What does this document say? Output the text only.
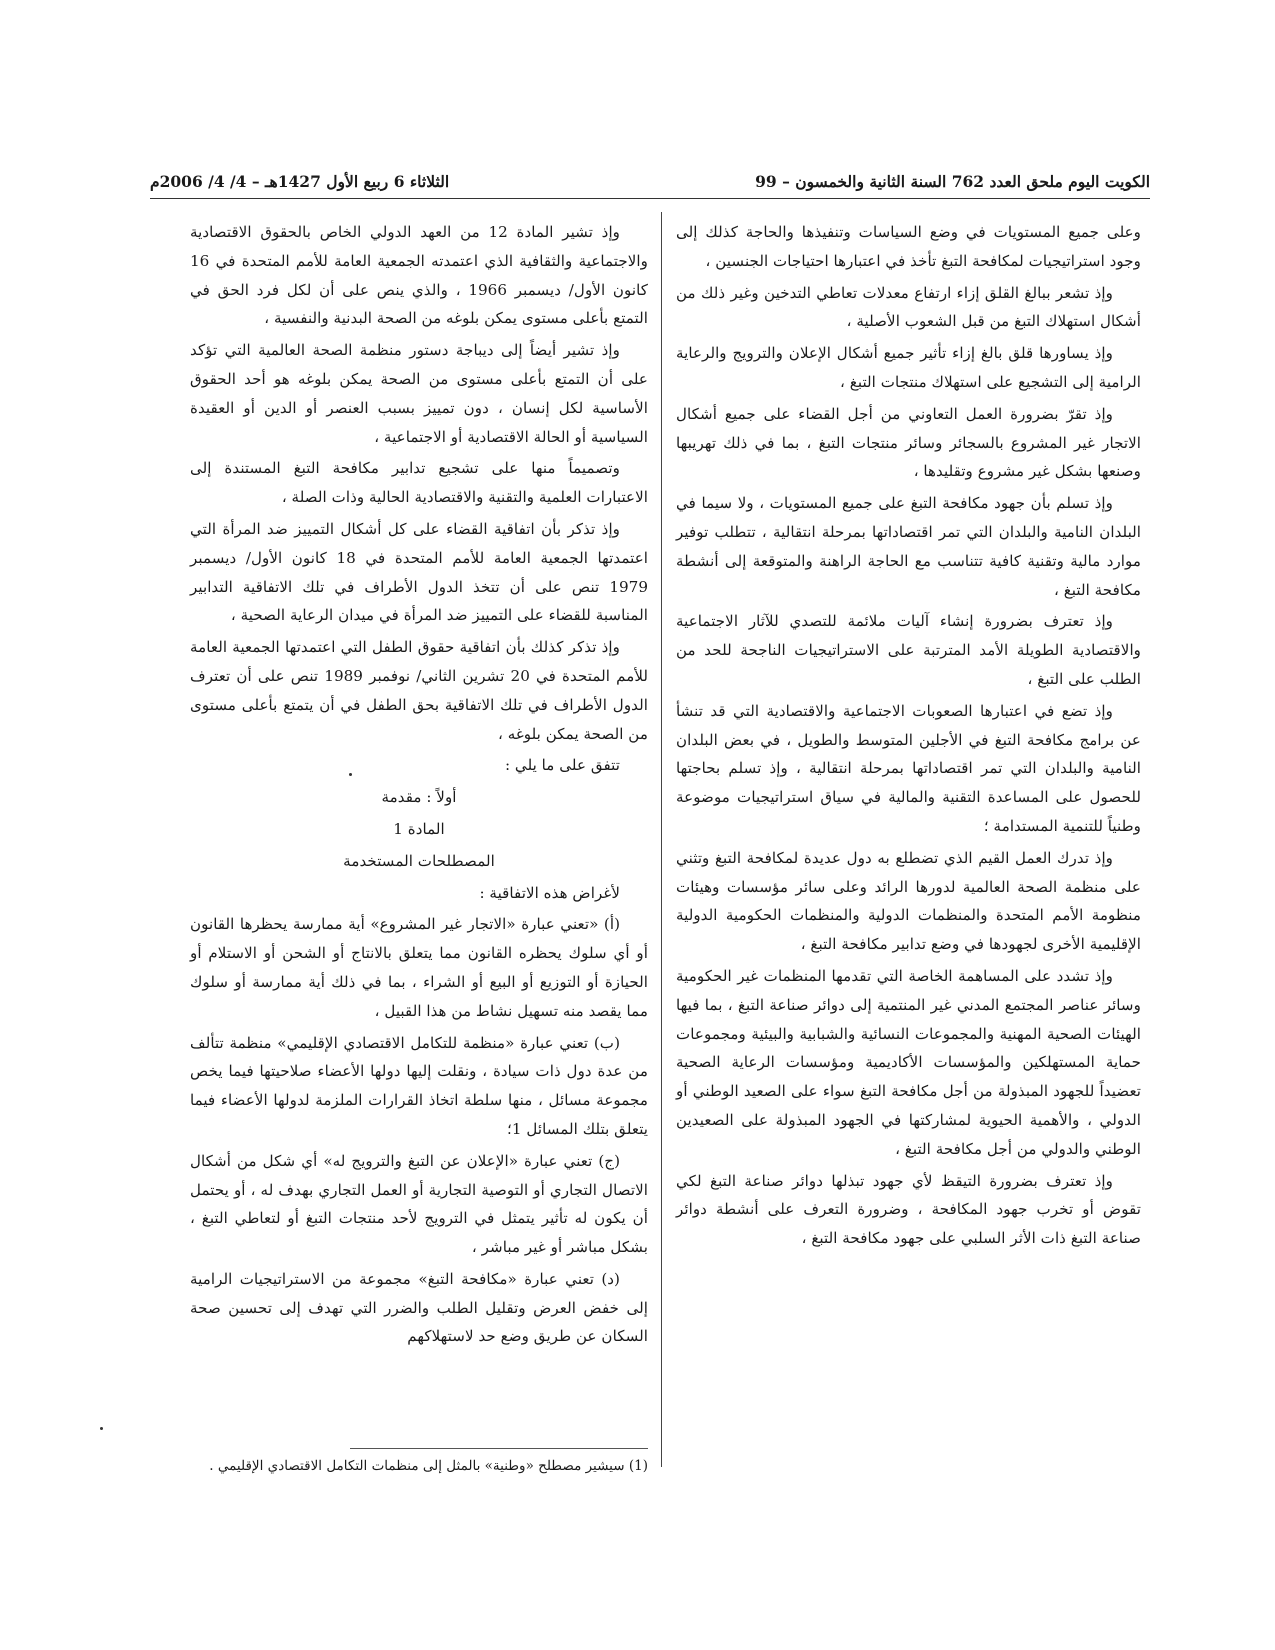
الكويت اليوم ملحق العدد 762 السنة الثانية والخمسون – 99
الثلاثاء 6 ربيع الأول 1427هـ – 4/ 4/ 2006م

وعلى جميع المستويات في وضع السياسات وتنفيذها والحاجة كذلك إلى وجود استراتيجيات لمكافحة التبغ تأخذ في اعتبارها احتياجات الجنسين ،

وإذ تشعر ببالغ القلق إزاء ارتفاع معدلات تعاطي التدخين وغير ذلك من أشكال استهلاك التبغ من قبل الشعوب الأصلية ،

وإذ يساورها قلق بالغ إزاء تأثير جميع أشكال الإعلان والترويج والرعاية الرامية إلى التشجيع على استهلاك منتجات التبغ ،

وإذ تقرّ بضرورة العمل التعاوني من أجل القضاء على جميع أشكال الاتجار غير المشروع بالسجائر وسائر منتجات التبغ ، بما في ذلك تهريبها وصنعها بشكل غير مشروع وتقليدها ،

وإذ تسلم بأن جهود مكافحة التبغ على جميع المستويات ، ولا سيما في البلدان النامية والبلدان التي تمر اقتصاداتها بمرحلة انتقالية ، تتطلب توفير موارد مالية وتقنية كافية تتناسب مع الحاجة الراهنة والمتوقعة إلى أنشطة مكافحة التبغ ،

وإذ تعترف بضرورة إنشاء آليات ملائمة للتصدي للآثار الاجتماعية والاقتصادية الطويلة الأمد المترتبة على الاستراتيجيات الناجحة للحد من الطلب على التبغ ،

وإذ تضع في اعتبارها الصعوبات الاجتماعية والاقتصادية التي قد تنشأ عن برامج مكافحة التبغ في الأجلين المتوسط والطويل ، في بعض البلدان النامية والبلدان التي تمر اقتصاداتها بمرحلة انتقالية ، وإذ تسلم بحاجتها للحصول على المساعدة التقنية والمالية في سياق استراتيجيات موضوعة وطنياً للتنمية المستدامة ؛

وإذ تدرك العمل القيم الذي تضطلع به دول عديدة لمكافحة التبغ وتثني على منظمة الصحة العالمية لدورها الرائد وعلى سائر مؤسسات وهيئات منظومة الأمم المتحدة والمنظمات الدولية والمنظمات الحكومية الدولية الإقليمية الأخرى لجهودها في وضع تدابير مكافحة التبغ ،

وإذ تشدد على المساهمة الخاصة التي تقدمها المنظمات غير الحكومية وسائر عناصر المجتمع المدني غير المنتمية إلى دوائر صناعة التبغ ، بما فيها الهيئات الصحية المهنية والمجموعات النسائية والشبابية والبيئية ومجموعات حماية المستهلكين والمؤسسات الأكاديمية ومؤسسات الرعاية الصحية تعضيداً للجهود المبذولة من أجل مكافحة التبغ سواء على الصعيد الوطني أو الدولي ، والأهمية الحيوية لمشاركتها في الجهود المبذولة على الصعيدين الوطني والدولي من أجل مكافحة التبغ ،

وإذ تعترف بضرورة التيقظ لأي جهود تبذلها دوائر صناعة التبغ لكي تقوض أو تخرب جهود المكافحة ، وضرورة التعرف على أنشطة دوائر صناعة التبغ ذات الأثر السلبي على جهود مكافحة التبغ ،

وإذ تشير المادة 12 من العهد الدولي الخاص بالحقوق الاقتصادية والاجتماعية والثقافية الذي اعتمدته الجمعية العامة للأمم المتحدة في 16 كانون الأول/ ديسمبر 1966 ، والذي ينص على أن لكل فرد الحق في التمتع بأعلى مستوى يمكن بلوغه من الصحة البدنية والنفسية ،

وإذ تشير أيضاً إلى ديباجة دستور منظمة الصحة العالمية التي تؤكد على أن التمتع بأعلى مستوى من الصحة يمكن بلوغه هو أحد الحقوق الأساسية لكل إنسان ، دون تمييز بسبب العنصر أو الدين أو العقيدة السياسية أو الحالة الاقتصادية أو الاجتماعية ،

وتصميماً منها على تشجيع تدابير مكافحة التبغ المستندة إلى الاعتبارات العلمية والتقنية والاقتصادية الحالية وذات الصلة ،

وإذ تذكر بأن اتفاقية القضاء على كل أشكال التمييز ضد المرأة التي اعتمدتها الجمعية العامة للأمم المتحدة في 18 كانون الأول/ ديسمبر 1979 تنص على أن تتخذ الدول الأطراف في تلك الاتفاقية التدابير المناسبة للقضاء على التمييز ضد المرأة في ميدان الرعاية الصحية ،

وإذ تذكر كذلك بأن اتفاقية حقوق الطفل التي اعتمدتها الجمعية العامة للأمم المتحدة في 20 تشرين الثاني/ نوفمبر 1989 تنص على أن تعترف الدول الأطراف في تلك الاتفاقية بحق الطفل في أن يتمتع بأعلى مستوى من الصحة يمكن بلوغه ،

تتفق على ما يلي :

أولاً : مقدمة

المادة 1

المصطلحات المستخدمة

لأغراض هذه الاتفاقية :

(أ) «تعني عبارة «الاتجار غير المشروع» أية ممارسة يحظرها القانون أو أي سلوك يحظره القانون مما يتعلق بالانتاج أو الشحن أو الاستلام أو الحيازة أو التوزيع أو البيع أو الشراء ، بما في ذلك أية ممارسة أو سلوك مما يقصد منه تسهيل نشاط من هذا القبيل ،

(ب) تعني عبارة «منظمة للتكامل الاقتصادي الإقليمي» منظمة تتألف من عدة دول ذات سيادة ، ونقلت إليها دولها الأعضاء صلاحيتها فيما يخص مجموعة مسائل ، منها سلطة اتخاذ القرارات الملزمة لدولها الأعضاء فيما يتعلق بتلك المسائل 1؛

(ج) تعني عبارة «الإعلان عن التبغ والترويج له» أي شكل من أشكال الاتصال التجاري أو التوصية التجارية أو العمل التجاري بهدف له ، أو يحتمل أن يكون له تأثير يتمثل في الترويج لأحد منتجات التبغ أو لتعاطي التبغ ، بشكل مباشر أو غير مباشر ،

(د) تعني عبارة «مكافحة التبغ» مجموعة من الاستراتيجيات الرامية إلى خفض العرض وتقليل الطلب والضرر التي تهدف إلى تحسين صحة السكان عن طريق وضع حد لاستهلاكهم

(1) سيشير مصطلح «وطنية» بالمثل إلى منظمات التكامل الاقتصادي الإقليمي .
